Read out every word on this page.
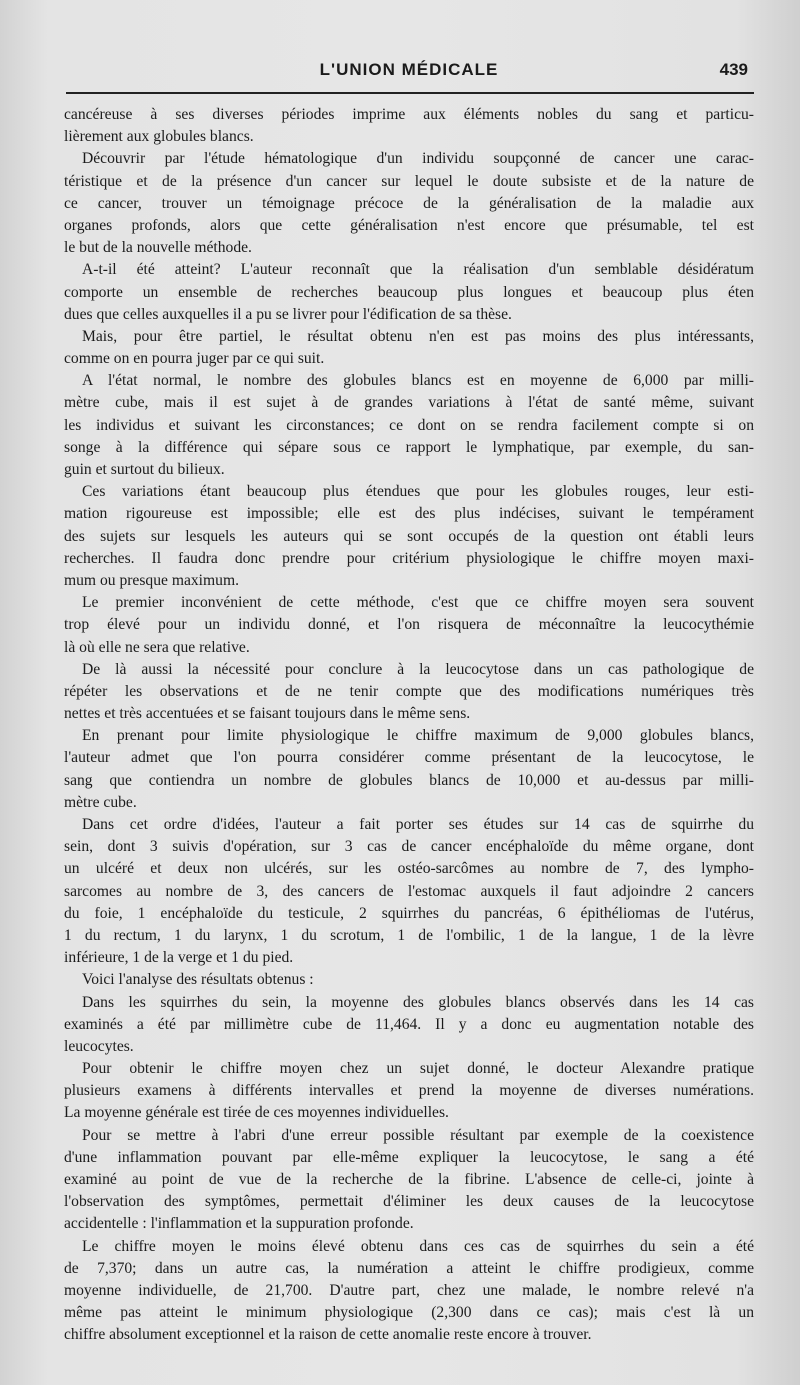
L'UNION MÉDICALE	439
cancéreuse à ses diverses périodes imprime aux éléments nobles du sang et particu-
lièrement aux globules blancs.
Découvrir par l'étude hématologique d'un individu soupçonné de cancer une carac-
téristique et de la présence d'un cancer sur lequel le doute subsiste et de la nature de
ce cancer, trouver un témoignage précoce de la généralisation de la maladie aux
organes profonds, alors que cette généralisation n'est encore que présumable, tel est
le but de la nouvelle méthode.
A-t-il été atteint? L'auteur reconnaît que la réalisation d'un semblable désidératum
comporte un ensemble de recherches beaucoup plus longues et beaucoup plus éten
dues que celles auxquelles il a pu se livrer pour l'édification de sa thèse.
Mais, pour être partiel, le résultat obtenu n'en est pas moins des plus intéressants,
comme on en pourra juger par ce qui suit.
A l'état normal, le nombre des globules blancs est en moyenne de 6,000 par milli-
mètre cube, mais il est sujet à de grandes variations à l'état de santé même, suivant
les individus et suivant les circonstances; ce dont on se rendra facilement compte si on
songe à la différence qui sépare sous ce rapport le lymphatique, par exemple, du san-
guin et surtout du bilieux.
Ces variations étant beaucoup plus étendues que pour les globules rouges, leur esti-
mation rigoureuse est impossible; elle est des plus indécises, suivant le tempérament
des sujets sur lesquels les auteurs qui se sont occupés de la question ont établi leurs
recherches. Il faudra donc prendre pour critérium physiologique le chiffre moyen maxi-
mum ou presque maximum.
Le premier inconvénient de cette méthode, c'est que ce chiffre moyen sera souvent
trop élevé pour un individu donné, et l'on risquera de méconnaître la leucocythémie
là où elle ne sera que relative.
De là aussi la nécessité pour conclure à la leucocytose dans un cas pathologique de
répéter les observations et de ne tenir compte que des modifications numériques très
nettes et très accentuées et se faisant toujours dans le même sens.
En prenant pour limite physiologique le chiffre maximum de 9,000 globules blancs,
l'auteur admet que l'on pourra considérer comme présentant de la leucocytose, le
sang que contiendra un nombre de globules blancs de 10,000 et au-dessus par milli-
mètre cube.
Dans cet ordre d'idées, l'auteur a fait porter ses études sur 14 cas de squirrhe du
sein, dont 3 suivis d'opération, sur 3 cas de cancer encéphaloïde du même organe, dont
un ulcéré et deux non ulcérés, sur les ostéo-sarcômes au nombre de 7, des lympho-
sarcomes au nombre de 3, des cancers de l'estomac auxquels il faut adjoindre 2 cancers
du foie, 1 encéphaloïde du testicule, 2 squirrhes du pancréas, 6 épithéliomas de l'utérus,
1 du rectum, 1 du larynx, 1 du scrotum, 1 de l'ombilic, 1 de la langue, 1 de la lèvre
inférieure, 1 de la verge et 1 du pied.
Voici l'analyse des résultats obtenus :
Dans les squirrhes du sein, la moyenne des globules blancs observés dans les 14 cas
examinés a été par millimètre cube de 11,464. Il y a donc eu augmentation notable des
leucocytes.
Pour obtenir le chiffre moyen chez un sujet donné, le docteur Alexandre pratique
plusieurs examens à différents intervalles et prend la moyenne de diverses numérations.
La moyenne générale est tirée de ces moyennes individuelles.
Pour se mettre à l'abri d'une erreur possible résultant par exemple de la coexistence
d'une inflammation pouvant par elle-même expliquer la leucocytose, le sang a été
examiné au point de vue de la recherche de la fibrine. L'absence de celle-ci, jointe à
l'observation des symptômes, permettait d'éliminer les deux causes de la leucocytose
accidentelle : l'inflammation et la suppuration profonde.
Le chiffre moyen le moins élevé obtenu dans ces cas de squirrhes du sein a été
de 7,370; dans un autre cas, la numération a atteint le chiffre prodigieux, comme
moyenne individuelle, de 21,700. D'autre part, chez une malade, le nombre relevé n'a
même pas atteint le minimum physiologique (2,300 dans ce cas); mais c'est là un
chiffre absolument exceptionnel et la raison de cette anomalie reste encore à trouver.
